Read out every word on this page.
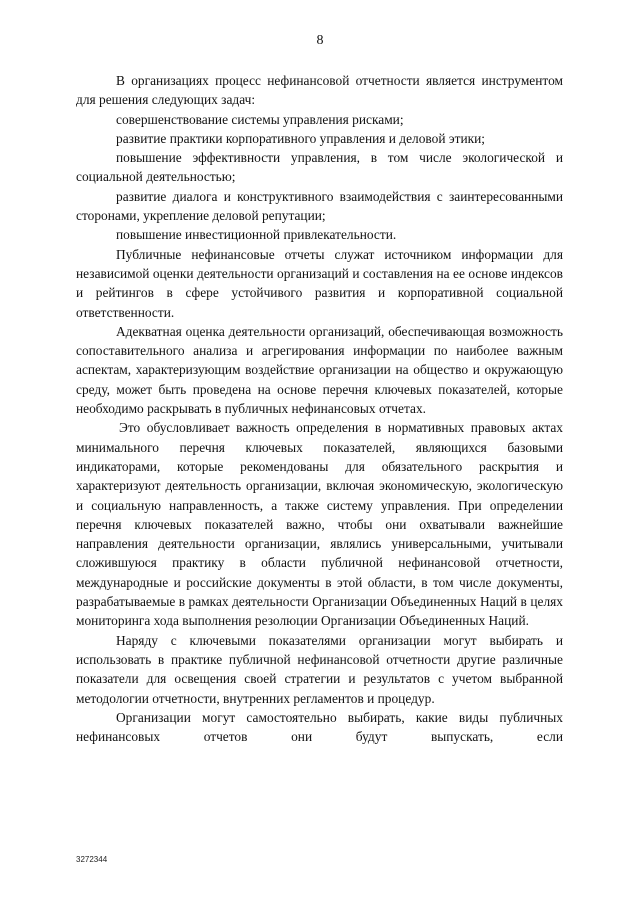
8

В организациях процесс нефинансовой отчетности является инструментом для решения следующих задач:

совершенствование системы управления рисками;

развитие практики корпоративного управления и деловой этики;

повышение эффективности управления, в том числе экологической и социальной деятельностью;

развитие диалога и конструктивного взаимодействия с заинтересованными сторонами, укрепление деловой репутации;

повышение инвестиционной привлекательности.

Публичные нефинансовые отчеты служат источником информации для независимой оценки деятельности организаций и составления на ее основе индексов и рейтингов в сфере устойчивого развития и корпоративной социальной ответственности.

Адекватная оценка деятельности организаций, обеспечивающая возможность сопоставительного анализа и агрегирования информации по наиболее важным аспектам, характеризующим воздействие организации на общество и окружающую среду, может быть проведена на основе перечня ключевых показателей, которые необходимо раскрывать в публичных нефинансовых отчетах.

Это обусловливает важность определения в нормативных правовых актах минимального перечня ключевых показателей, являющихся базовыми индикаторами, которые рекомендованы для обязательного раскрытия и характеризуют деятельность организации, включая экономическую, экологическую и социальную направленность, а также систему управления. При определении перечня ключевых показателей важно, чтобы они охватывали важнейшие направления деятельности организации, являлись универсальными, учитывали сложившуюся практику в области публичной нефинансовой отчетности, международные и российские документы в этой области, в том числе документы, разрабатываемые в рамках деятельности Организации Объединенных Наций в целях мониторинга хода выполнения резолюции Организации Объединенных Наций.

Наряду с ключевыми показателями организации могут выбирать и использовать в практике публичной нефинансовой отчетности другие различные показатели для освещения своей стратегии и результатов с учетом выбранной методологии отчетности, внутренних регламентов и процедур.

Организации могут самостоятельно выбирать, какие виды публичных нефинансовых отчетов они будут выпускать, если

3272344
